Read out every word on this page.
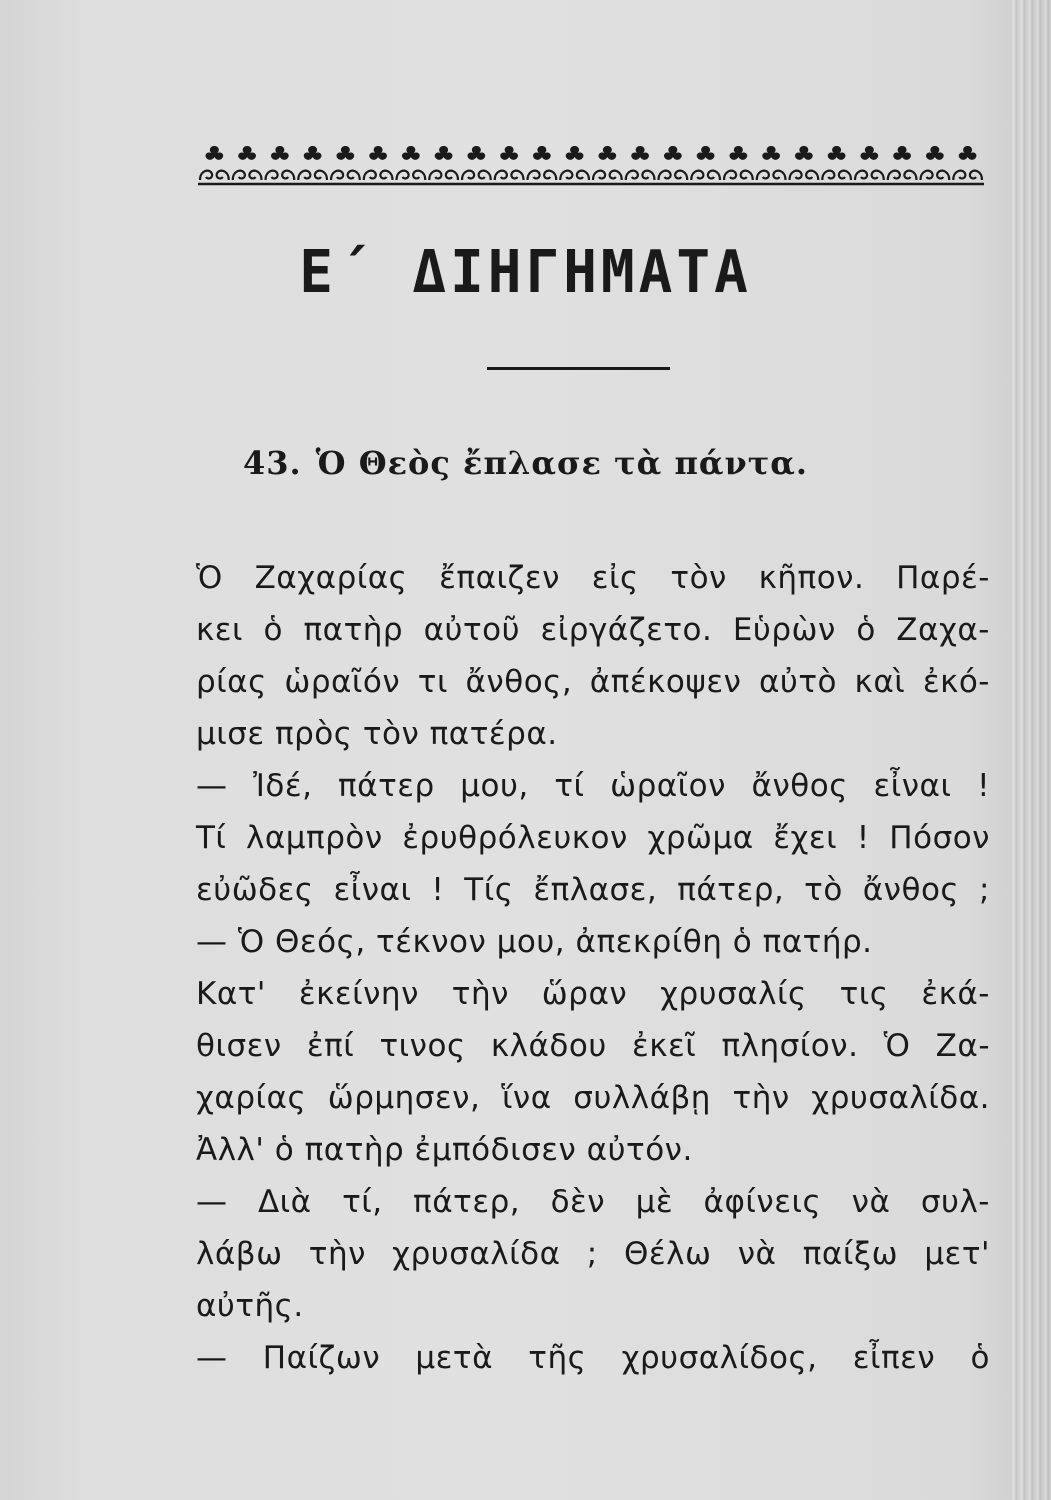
Ε΄ ΔΙΗΓΗΜΑΤΑ
43. Ὁ Θεὸς ἔπλασε τὰ πάντα.
Ὁ Ζαχαρίας ἔπαιζεν εἰς τὸν κῆπον. Παρέ-
κει ὁ πατὴρ αὐτοῦ εἰργάζετο. Εὑρὼν ὁ Ζαχα-
ρίας ὡραῖόν τι ἄνθος, ἀπέκοψεν αὐτὸ καὶ ἐκό-
μισε πρὸς τὸν πατέρα.
— Ἰδέ, πάτερ μου, τί ὡραῖον ἄνθος εἶναι !
Τί λαμπρὸν ἐρυθρόλευκον χρῶμα ἔχει ! Πόσον
εὐῶδες εἶναι ! Τίς ἔπλασε, πάτερ, τὸ ἄνθος ;
— Ὁ Θεός, τέκνον μου, ἀπεκρίθη ὁ πατήρ.
Κατ' ἐκείνην τὴν ὥραν χρυσαλίς τις ἐκά-
θισεν ἐπί τινος κλάδου ἐκεῖ πλησίον. Ὁ Ζα-
χαρίας ὥρμησεν, ἵνα συλλάβῃ τὴν χρυσαλίδα.
Ἀλλ' ὁ πατὴρ ἐμπόδισεν αὐτόν.
— Διὰ τί, πάτερ, δὲν μὲ ἀφίνεις νὰ συλ-
λάβω τὴν χρυσαλίδα ; Θέλω νὰ παίξω μετ'
αὐτῆς.
— Παίζων μετὰ τῆς χρυσαλίδος, εἶπεν ὁ
